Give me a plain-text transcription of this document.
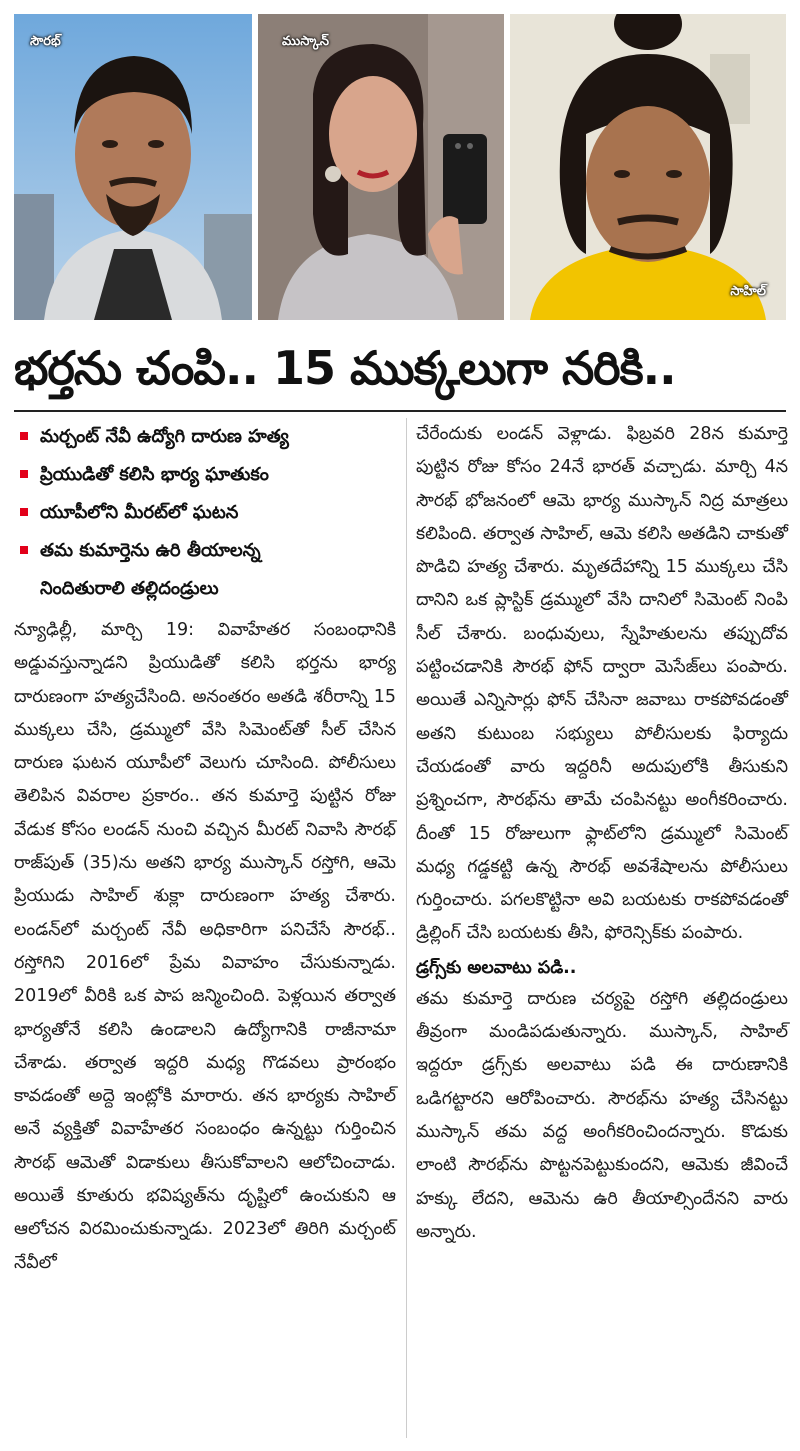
సౌరభ్	ముస్కాన్
సాహిల్
భర్తను చంపి.. 15 ముక్కలుగా నరికి..
మర్చంట్ నేవీ ఉద్యోగి దారుణ హత్య
ప్రియుడితో కలిసి భార్య ఘాతుకం
యూపీలోని మీరట్‌లో ఘటన
తమ కుమార్తెను ఉరి తీయాలన్న
నిందితురాలి తల్లిదండ్రులు

న్యూఢిల్లీ, మార్చి 19: వివాహేతర సంబంధానికి అడ్డువస్తున్నాడని ప్రియుడితో కలిసి భర్తను భార్య దారుణంగా హత్యచేసింది. అనంతరం అతడి శరీరాన్ని 15 ముక్కలు చేసి, డ్రమ్ములో వేసి సిమెంట్‌తో సీల్ చేసిన దారుణ ఘటన యూపీలో వెలుగు చూసింది. పోలీసులు తెలిపిన వివరాల ప్రకారం.. తన కుమార్తె పుట్టిన రోజు వేడుక కోసం లండన్ నుంచి వచ్చిన మీరట్ నివాసి సౌరభ్ రాజ్‌పుత్ (35)ను అతని భార్య ముస్కాన్ రస్తోగి, ఆమె ప్రియుడు సాహిల్ శుక్లా దారుణంగా హత్య చేశారు. లండన్‌లో మర్చంట్ నేవీ అధికారిగా పనిచేసే సౌరభ్.. రస్తోగిని 2016లో ప్రేమ వివాహం చేసుకున్నాడు. 2019లో వీరికి ఒక పాప జన్మించింది. పెళ్లయిన తర్వాత భార్యతోనే కలిసి ఉండాలని ఉద్యోగానికి రాజీనామా చేశాడు. తర్వాత ఇద్దరి మధ్య గొడవలు ప్రారంభం కావడంతో అద్దె ఇంట్లోకి మారారు. తన భార్యకు సాహిల్ అనే వ్యక్తితో వివాహేతర సంబంధం ఉన్నట్టు గుర్తించిన సౌరభ్ ఆమెతో విడాకులు తీసుకోవాలని ఆలోచించాడు. అయితే కూతురు భవిష్యత్‌ను దృష్టిలో ఉంచుకుని ఆ ఆలోచన విరమించుకున్నాడు. 2023లో తిరిగి మర్చంట్ నేవీలో

చేరేందుకు లండన్ వెళ్లాడు. ఫిబ్రవరి 28న కుమార్తె పుట్టిన రోజు కోసం 24నే భారత్ వచ్చాడు. మార్చి 4న సౌరభ్ భోజనంలో ఆమె భార్య ముస్కాన్ నిద్ర మాత్రలు కలిపింది. తర్వాత సాహిల్, ఆమె కలిసి అతడిని చాకుతో పొడిచి హత్య చేశారు. మృతదేహాన్ని 15 ముక్కలు చేసి దానిని ఒక ప్లాస్టిక్ డ్రమ్ములో వేసి దానిలో సిమెంట్ నింపి సీల్ చేశారు. బంధువులు, స్నేహితులను తప్పుదోవ పట్టించడానికి సౌరభ్ ఫోన్ ద్వారా మెసేజ్‌లు పంపారు. అయితే ఎన్నిసార్లు ఫోన్ చేసినా జవాబు రాకపోవడంతో అతని కుటుంబ సభ్యులు పోలీసులకు ఫిర్యాదు చేయడంతో వారు ఇద్దరినీ అదుపులోకి తీసుకుని ప్రశ్నించగా, సౌరభ్‌ను తామే చంపినట్టు అంగీకరించారు. దీంతో 15 రోజులుగా ఫ్లాట్‌లోని డ్రమ్ములో సిమెంట్ మధ్య గడ్డకట్టి ఉన్న సౌరభ్ అవశేషాలను పోలీసులు గుర్తించారు. పగలకొట్టినా అవి బయటకు రాకపోవడంతో డ్రిల్లింగ్ చేసి బయటకు తీసి, ఫోరెన్సిక్‌కు పంపారు.

డ్రగ్స్‌కు అలవాటు పడి..

తమ కుమార్తె దారుణ చర్యపై రస్తోగి తల్లిదండ్రులు తీవ్రంగా మండిపడుతున్నారు. ముస్కాన్, సాహిల్ ఇద్దరూ డ్రగ్స్‌కు అలవాటు పడి ఈ దారుణానికి ఒడిగట్టారని ఆరోపించారు. సౌరభ్‌ను హత్య చేసినట్టు ముస్కాన్ తమ వద్ద అంగీకరించిందన్నారు. కొడుకు లాంటి సౌరభ్‌ను పొట్టనపెట్టుకుందని, ఆమెకు జీవించే హక్కు లేదని, ఆమెను ఉరి తీయాల్సిందేనని వారు అన్నారు.
